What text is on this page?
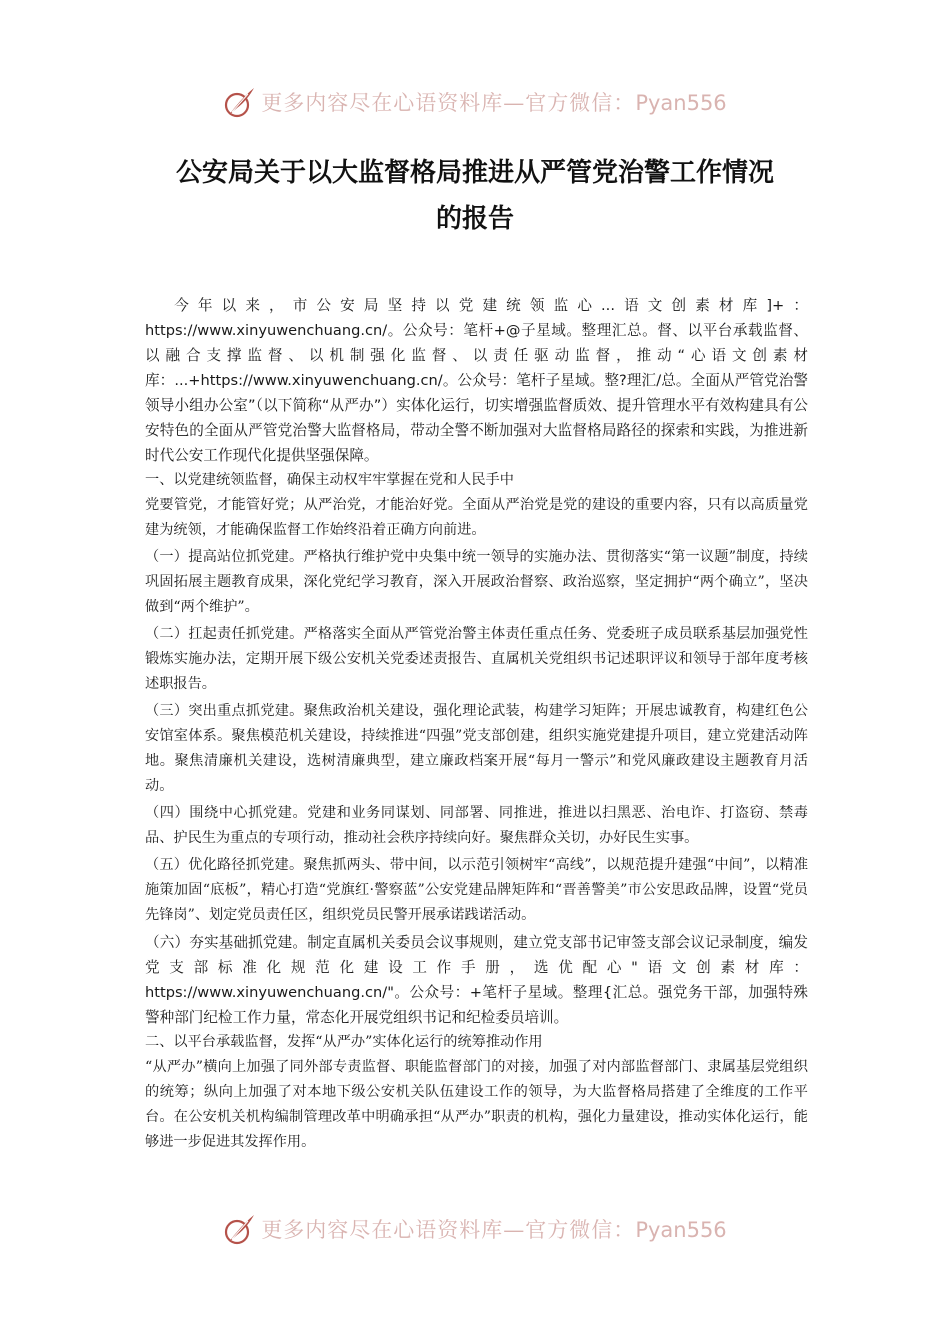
更多内容尽在心语资料库—官方微信：Pyan556
公安局关于以大监督格局推进从严管党治警工作情况
的报告

今年以来，市公安局坚持以党建统领监心...语文创素材库]+：https://www.xinyuwenchuang.cn/。公众号：笔杆+@子星域。整理汇总。督、以平台承载监督、以融合支撑监督、以机制强化监督、以责任驱动监督，推动“心语文创素材库：...+https://www.xinyuwenchuang.cn/。公众号：笔杆子星域。整?理汇/总。全面从严管党治警领导小组办公室”（以下简称“从严办”）实体化运行，切实增强监督质效、提升管理水平有效构建具有公安特色的全面从严管党治警大监督格局，带动全警不断加强对大监督格局路径的探索和实践，为推进新时代公安工作现代化提供坚强保障。

一、以党建统领监督，确保主动权牢牢掌握在党和人民手中

党要管党，才能管好党；从严治党，才能治好党。全面从严治党是党的建设的重要内容，只有以高质量党建为统领，才能确保监督工作始终沿着正确方向前进。

（一）提高站位抓党建。严格执行维护党中央集中统一领导的实施办法、贯彻落实“第一议题”制度，持续巩固拓展主题教育成果，深化党纪学习教育，深入开展政治督察、政治巡察，坚定拥护“两个确立”，坚决做到“两个维护”。

（二）扛起责任抓党建。严格落实全面从严管党治警主体责任重点任务、党委班子成员联系基层加强党性锻炼实施办法，定期开展下级公安机关党委述责报告、直属机关党组织书记述职评议和领导于部年度考核述职报告。

（三）突出重点抓党建。聚焦政治机关建设，强化理论武装，构建学习矩阵；开展忠诚教育，构建红色公安馆室体系。聚焦模范机关建设，持续推进“四强”党支部创建，组织实施党建提升项目，建立党建活动阵地。聚焦清廉机关建设，选树清廉典型，建立廉政档案开展“每月一警示”和党风廉政建设主题教育月活动。

（四）围绕中心抓党建。党建和业务同谋划、同部署、同推进，推进以扫黑恶、治电诈、打盗窃、禁毒品、护民生为重点的专项行动，推动社会秩序持续向好。聚焦群众关切，办好民生实事。

（五）优化路径抓党建。聚焦抓两头、带中间，以示范引领树牢“高线”，以规范提升建强“中间”，以精准施策加固“底板”，精心打造“党旗红·警察蓝”公安党建品牌矩阵和“晋善警美”市公安思政品牌，设置“党员先锋岗”、划定党员责任区，组织党员民警开展承诺践诺活动。

（六）夯实基础抓党建。制定直属机关委员会议事规则，建立党支部书记审签支部会议记录制度，编发党支部标准化规范化建设工作手册，选优配心"语文创素材库：https://www.xinyuwenchuang.cn/"。公众号：+笔杆子星域。整理{汇总。强党务干部，加强特殊警种部门纪检工作力量，常态化开展党组织书记和纪检委员培训。

二、以平台承载监督，发挥“从严办”实体化运行的统筹推动作用

“从严办”横向上加强了同外部专责监督、职能监督部门的对接，加强了对内部监督部门、隶属基层党组织的统筹；纵向上加强了对本地下级公安机关队伍建设工作的领导，为大监督格局搭建了全维度的工作平台。在公安机关机构编制管理改革中明确承担“从严办”职责的机构，强化力量建设，推动实体化运行，能够进一步促进其发挥作用。

更多内容尽在心语资料库—官方微信：Pyan556
